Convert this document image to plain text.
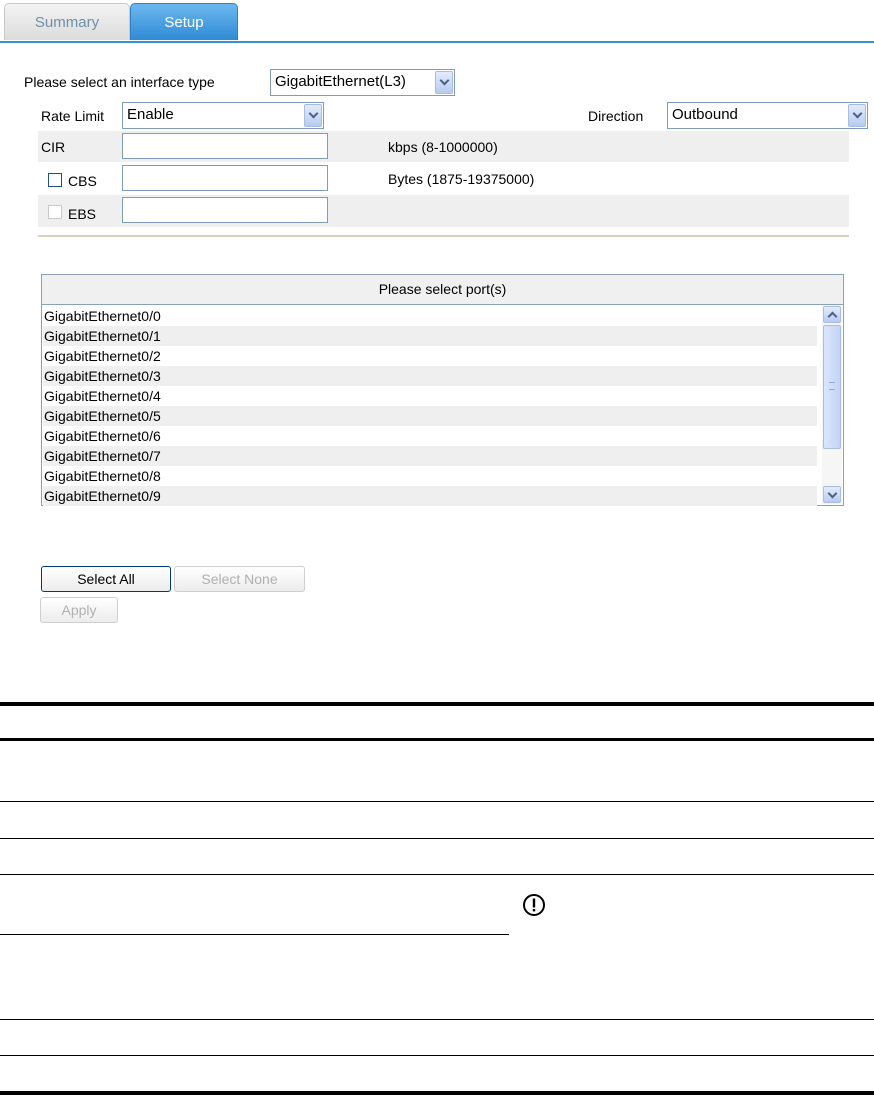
Summary	Setup
Please select an interface type	GigabitEthernet(L3)
Rate Limit	Enable	Direction	Outbound
CIR	kbps (8-1000000)
CBS	Bytes (1875-19375000)
EBS
Please select port(s)
GigabitEthernet0/0
GigabitEthernet0/1
GigabitEthernet0/2
GigabitEthernet0/3
GigabitEthernet0/4
GigabitEthernet0/5
GigabitEthernet0/6
GigabitEthernet0/7
GigabitEthernet0/8
GigabitEthernet0/9
Select All	Select None
Apply
